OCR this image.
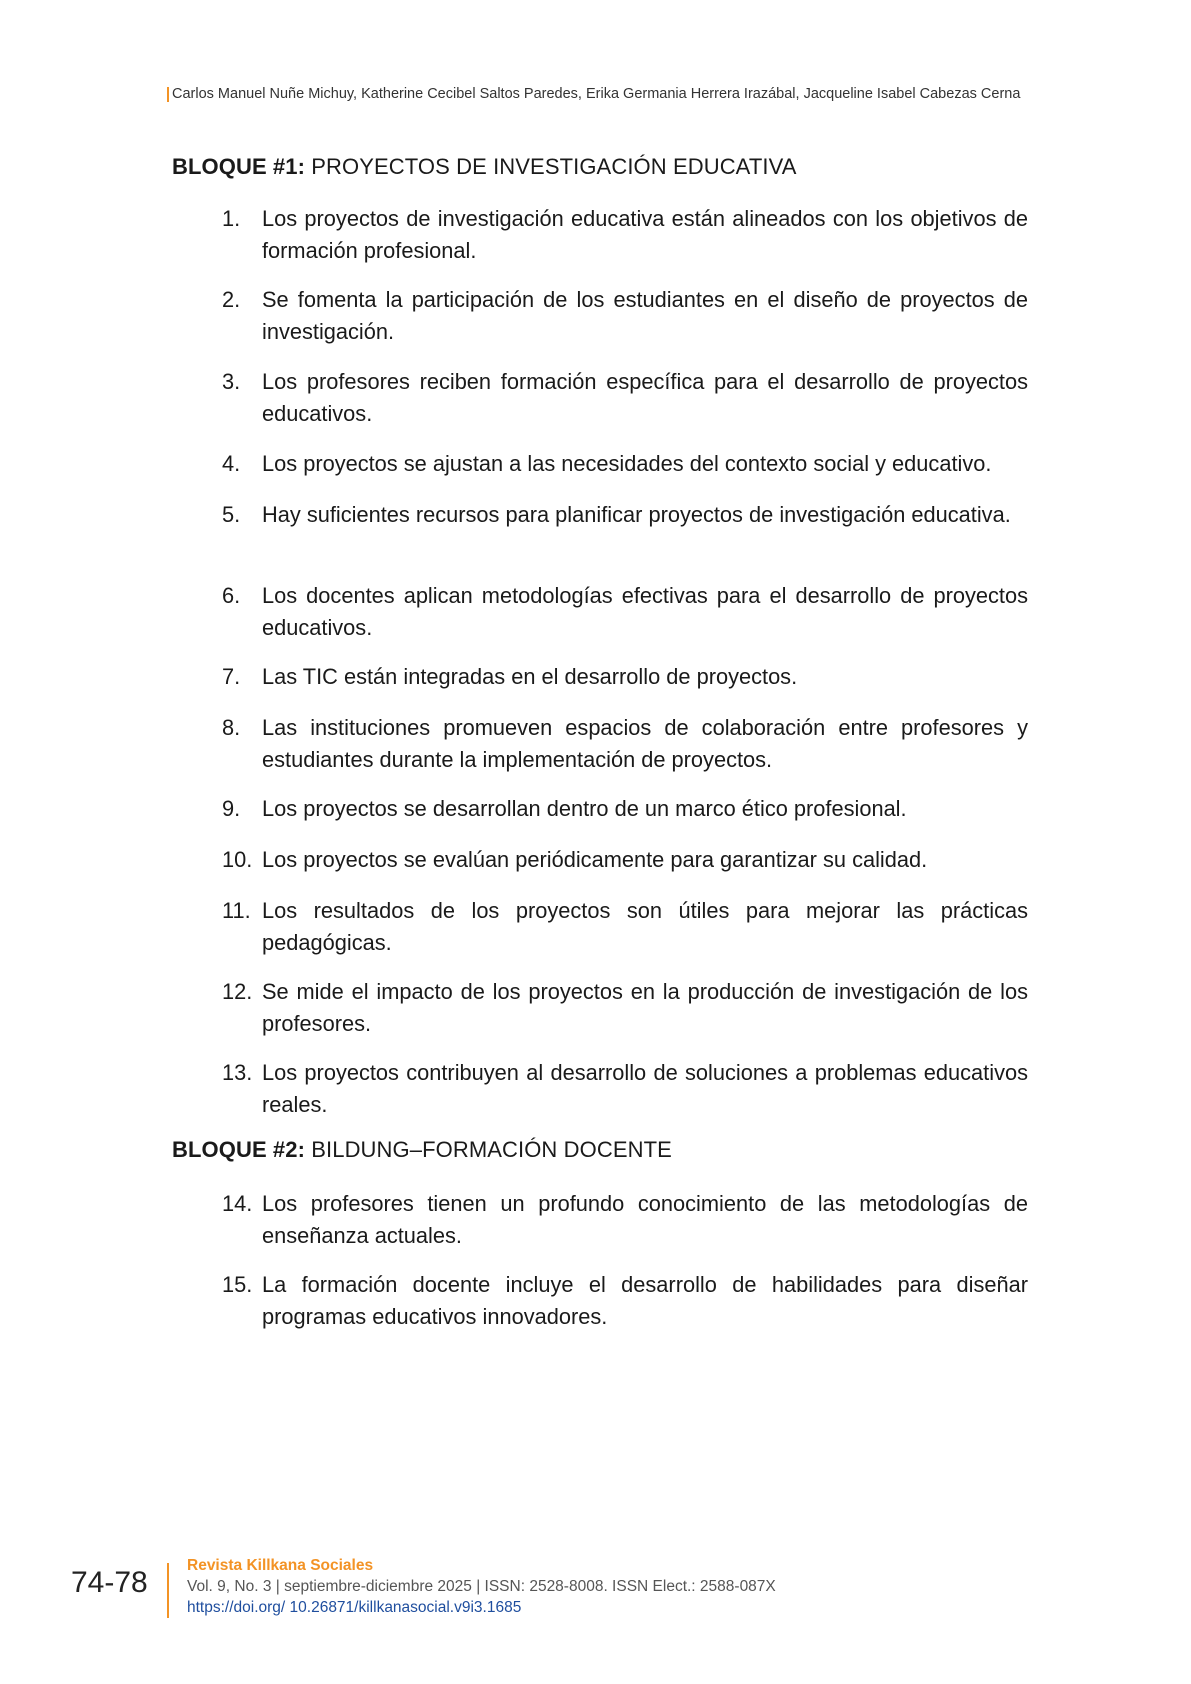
Carlos Manuel Nuñe Michuy, Katherine Cecibel Saltos Paredes, Erika Germania Herrera Irazábal, Jacqueline Isabel Cabezas Cerna
BLOQUE #1: PROYECTOS DE INVESTIGACIÓN EDUCATIVA
1. Los proyectos de investigación educativa están alineados con los objetivos de formación profesional.
2. Se fomenta la participación de los estudiantes en el diseño de proyectos de investigación.
3. Los profesores reciben formación específica para el desarrollo de proyectos educativos.
4. Los proyectos se ajustan a las necesidades del contexto social y educativo.
5. Hay suficientes recursos para planificar proyectos de investigación educativa.
6. Los docentes aplican metodologías efectivas para el desarrollo de proyectos educativos.
7. Las TIC están integradas en el desarrollo de proyectos.
8. Las instituciones promueven espacios de colaboración entre profesores y estudiantes durante la implementación de proyectos.
9. Los proyectos se desarrollan dentro de un marco ético profesional.
10. Los proyectos se evalúan periódicamente para garantizar su calidad.
11. Los resultados de los proyectos son útiles para mejorar las prácticas pedagógicas.
12. Se mide el impacto de los proyectos en la producción de investigación de los profesores.
13. Los proyectos contribuyen al desarrollo de soluciones a problemas educativos reales.
BLOQUE #2: BILDUNG–FORMACIÓN DOCENTE
14. Los profesores tienen un profundo conocimiento de las metodologías de enseñanza actuales.
15. La formación docente incluye el desarrollo de habilidades para diseñar programas educativos innovadores.
74-78
Revista Killkana Sociales
Vol. 9, No. 3 | septiembre-diciembre 2025 | ISSN: 2528-8008. ISSN Elect.: 2588-087X
https://doi.org/ 10.26871/killkanasocial.v9i3.1685
